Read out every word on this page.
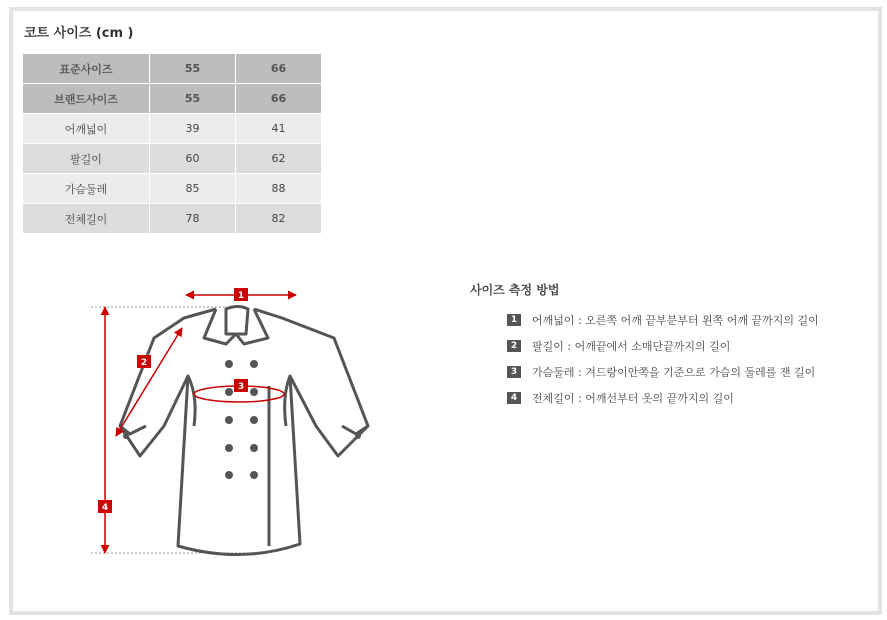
코트 사이즈 (cm )
표준사이즈	55	66
브랜드사이즈	55	66
어깨넓이	39	41
팔길이	60	62
가슴둘레	85	88
전체길이	78	82
1
2
3
4
사이즈 측정 방법
1	어깨넓이 : 오른쪽 어깨 끝부분부터 왼쪽 어깨 끝까지의 길이
2	팔길이 : 어깨끝에서 소매단끝까지의 길이
3	가슴둘레 : 겨드랑이안쪽을 기준으로 가슴의 둘레를 잰 길이
4	전체길이 : 어깨선부터 옷의 끝까지의 길이
